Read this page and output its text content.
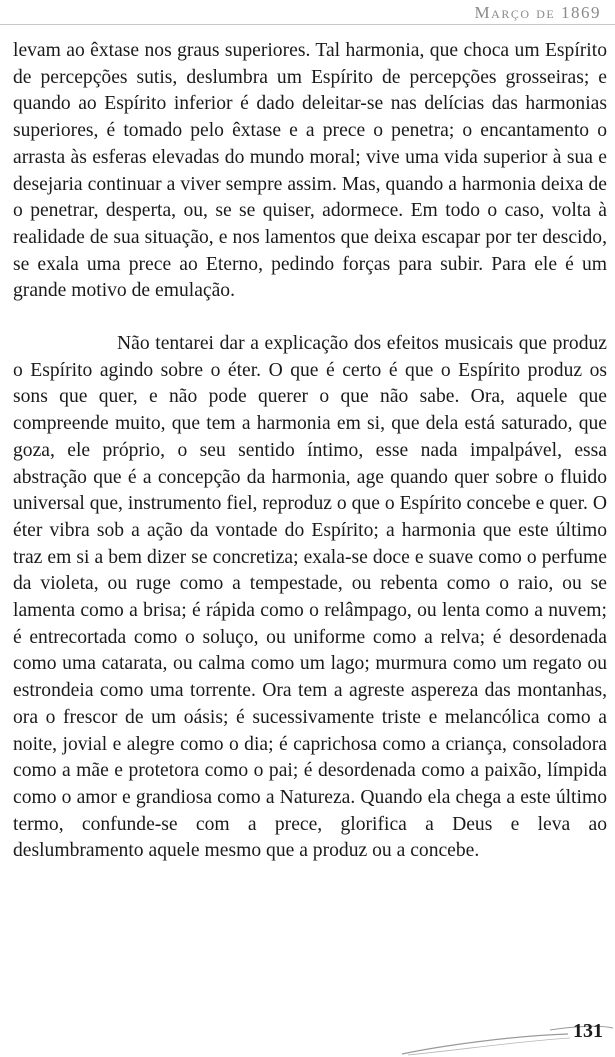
Março de 1869

levam ao êxtase nos graus superiores. Tal harmonia, que choca um Espírito de percepções sutis, deslumbra um Espírito de percepções grosseiras; e quando ao Espírito inferior é dado deleitar-se nas delícias das harmonias superiores, é tomado pelo êxtase e a prece o penetra; o encantamento o arrasta às esferas elevadas do mundo moral; vive uma vida superior à sua e desejaria continuar a viver sempre assim. Mas, quando a harmonia deixa de o penetrar, desperta, ou, se se quiser, adormece. Em todo o caso, volta à realidade de sua situação, e nos lamentos que deixa escapar por ter descido, se exala uma prece ao Eterno, pedindo forças para subir. Para ele é um grande motivo de emulação.

Não tentarei dar a explicação dos efeitos musicais que produz o Espírito agindo sobre o éter. O que é certo é que o Espírito produz os sons que quer, e não pode querer o que não sabe. Ora, aquele que compreende muito, que tem a harmonia em si, que dela está saturado, que goza, ele próprio, o seu sentido íntimo, esse nada impalpável, essa abstração que é a concepção da harmonia, age quando quer sobre o fluido universal que, instrumento fiel, reproduz o que o Espírito concebe e quer. O éter vibra sob a ação da vontade do Espírito; a harmonia que este último traz em si a bem dizer se concretiza; exala-se doce e suave como o perfume da violeta, ou ruge como a tempestade, ou rebenta como o raio, ou se lamenta como a brisa; é rápida como o relâmpago, ou lenta como a nuvem; é entrecortada como o soluço, ou uniforme como a relva; é desordenada como uma catarata, ou calma como um lago; murmura como um regato ou estrondeia como uma torrente. Ora tem a agreste aspereza das montanhas, ora o frescor de um oásis; é sucessivamente triste e melancólica como a noite, jovial e alegre como o dia; é caprichosa como a criança, consoladora como a mãe e protetora como o pai; é desordenada como a paixão, límpida como o amor e grandiosa como a Natureza. Quando ela chega a este último termo, confunde-se com a prece, glorifica a Deus e leva ao deslumbramento aquele mesmo que a produz ou a concebe.

131
